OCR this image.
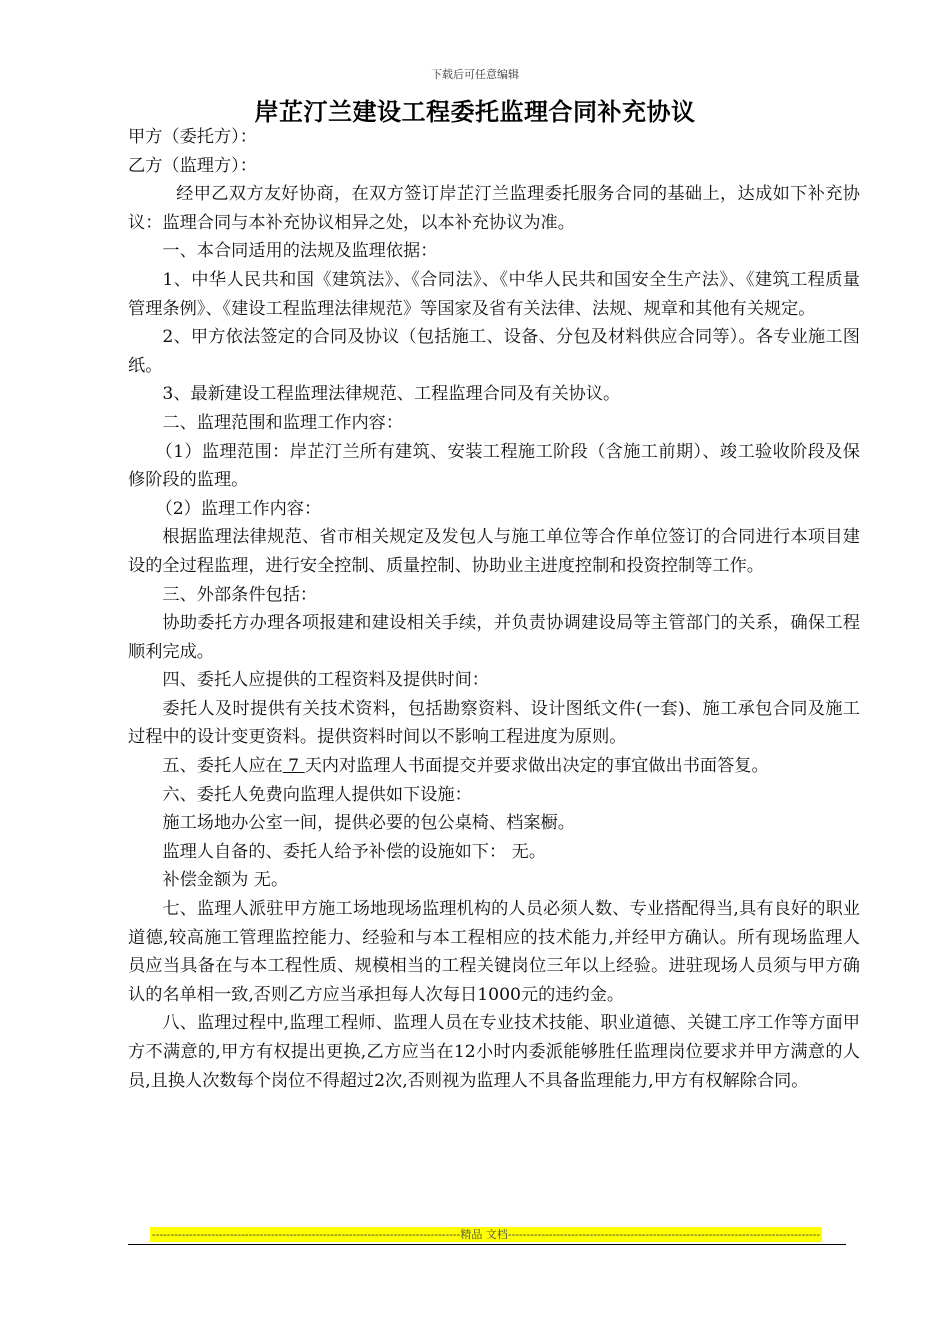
下载后可任意编辑
岸芷汀兰建设工程委托监理合同补充协议

甲方（委托方）：

乙方（监理方）：

经甲乙双方友好协商，在双方签订岸芷汀兰监理委托服务合同的基础上，达成如下补充协议：监理合同与本补充协议相异之处，以本补充协议为准。

一、本合同适用的法规及监理依据：

1、中华人民共和国《建筑法》、《合同法》、《中华人民共和国安全生产法》、《建筑工程质量管理条例》、《建设工程监理法律规范》等国家及省有关法律、法规、规章和其他有关规定。

2、甲方依法签定的合同及协议（包括施工、设备、分包及材料供应合同等）。各专业施工图纸。

3、最新建设工程监理法律规范、工程监理合同及有关协议。

二、监理范围和监理工作内容：

（1）监理范围：岸芷汀兰所有建筑、安装工程施工阶段（含施工前期）、竣工验收阶段及保修阶段的监理。

（2）监理工作内容：

根据监理法律规范、省市相关规定及发包人与施工单位等合作单位签订的合同进行本项目建设的全过程监理，进行安全控制、质量控制、协助业主进度控制和投资控制等工作。

三、外部条件包括：

协助委托方办理各项报建和建设相关手续，并负责协调建设局等主管部门的关系，确保工程顺利完成。

四、委托人应提供的工程资料及提供时间：

委托人及时提供有关技术资料，包括勘察资料、设计图纸文件(一套)、施工承包合同及施工过程中的设计变更资料。提供资料时间以不影响工程进度为原则。

五、委托人应在 7 天内对监理人书面提交并要求做出决定的事宜做出书面答复。

六、委托人免费向监理人提供如下设施：

施工场地办公室一间，提供必要的包公桌椅、档案橱。

监理人自备的、委托人给予补偿的设施如下： 无。

补偿金额为 无。

七、监理人派驻甲方施工场地现场监理机构的人员必须人数、专业搭配得当,具有良好的职业道德,较高施工管理监控能力、经验和与本工程相应的技术能力,并经甲方确认。所有现场监理人员应当具备在与本工程性质、规模相当的工程关键岗位三年以上经验。进驻现场人员须与甲方确认的名单相一致,否则乙方应当承担每人次每日1000元的违约金。

八、监理过程中,监理工程师、监理人员在专业技术技能、职业道德、关键工序工作等方面甲方不满意的,甲方有权提出更换,乙方应当在12小时内委派能够胜任监理岗位要求并甲方满意的人员,且换人次数每个岗位不得超过2次,否则视为监理人不具备监理能力,甲方有权解除合同。

-----------------------------------------------------------------------------------精品 文档------------------------------------------------------------------------------------
